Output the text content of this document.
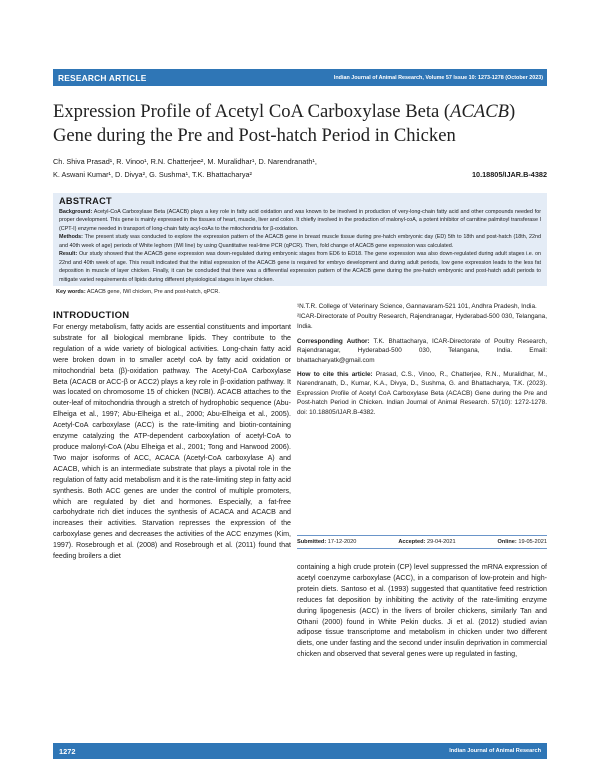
RESEARCH ARTICLE	Indian Journal of Animal Research, Volume 57 Issue 10: 1273-1278 (October 2023)
Expression Profile of Acetyl CoA Carboxylase Beta (ACACB) Gene during the Pre and Post-hatch Period in Chicken
Ch. Shiva Prasad¹, R. Vinoo¹, R.N. Chatterjee², M. Muralidhar¹, D. Narendranath¹,
K. Aswani Kumar¹, D. Divya², G. Sushma¹, T.K. Bhattacharya²	10.18805/IJAR.B-4382
ABSTRACT

Background: Acetyl-CoA Carboxylase Beta (ACACB) plays a key role in fatty acid oxidation and was known to be involved in production of very-long-chain fatty acid and other compounds needed for proper development. This gene is mainly expressed in the tissues of heart, muscle, liver and colon. It chiefly involved in the production of malonyl-coA, a potent inhibitor of carnitine palmitoyl transferase I (CPT-I) enzyme needed in transport of long-chain fatty acyl-coAs to the mitochondria for β-oxidation.

Methods: The present study was conducted to explore the expression pattern of the ACACB gene in breast muscle tissue during pre-hatch embryonic day (ED) 5th to 18th and post-hatch (18th, 22nd and 40th week of age) periods of White leghorn (IWI line) by using Quantitative real-time PCR (qPCR). Then, fold change of ACACB gene expression was calculated.

Result: Our study showed that the ACACB gene expression was down-regulated during embryonic stages from ED6 to ED18. The gene expression was also down-regulated during adult stages i.e. on 22nd and 40th week of age. This result indicated that the initial expression of the ACACB gene is required for embryo development and during adult periods, low gene expression leads to the less fat deposition in muscle of layer chicken. Finally, it can be concluded that there was a differential expression pattern of the ACACB gene during the pre-hatch embryonic and post-hatch adult periods to mitigate varied requirements of lipids during different physiological stages in layer chicken.

Key words: ACACB gene, IWI chicken, Pre and post-hatch, qPCR.
INTRODUCTION
For energy metabolism, fatty acids are essential constituents and important substrate for all biological membrane lipids. They contribute to the regulation of a wide variety of biological activities. Long-chain fatty acid were broken down in to smaller acetyl coA by fatty acid oxidation or mitochondrial beta (β)-oxidation pathway. The Acetyl-CoA Carboxylase Beta (ACACB or ACC-β or ACC2) plays a key role in β-oxidation pathway. It was located on chromosome 15 of chicken (NCBI). ACACB attaches to the outer-leaf of mitochondria through a stretch of hydrophobic sequence (Abu-Elheiga et al., 1997; Abu-Elheiga et al., 2000; Abu-Elheiga et al., 2005). Acetyl-CoA carboxylase (ACC) is the rate-limiting and biotin-containing enzyme catalyzing the ATP-dependent carboxylation of acetyl-CoA to produce malonyl-CoA (Abu Elheiga et al., 2001; Tong and Harwood 2006). Two major isoforms of ACC, ACACA (Acetyl-CoA carboxylase A) and ACACB, which is an intermediate substrate that plays a pivotal role in the regulation of fatty acid metabolism and it is the rate-limiting step in fatty acid synthesis. Both ACC genes are under the control of multiple promoters, which are regulated by diet and hormones. Especially, a fat-free carbohydrate rich diet induces the synthesis of ACACA and ACACB and increases their activities. Starvation represses the expression of the carboxylase genes and decreases the activities of the ACC enzymes (Kim, 1997). Rosebrough et al. (2008) and Rosebrough et al. (2011) found that feeding broilers a diet
¹N.T.R. College of Veterinary Science, Gannavaram-521 101, Andhra Pradesh, India.
²ICAR-Directorate of Poultry Research, Rajendranagar, Hyderabad-500 030, Telangana, India.
Corresponding Author: T.K. Bhattacharya, ICAR-Directorate of Poultry Research, Rajendranagar, Hyderabad-500 030, Telangana, India. Email: bhattacharyatk@gmail.com
How to cite this article: Prasad, C.S., Vinoo, R., Chatterjee, R.N., Muralidhar, M., Narendranath, D., Kumar, K.A., Divya, D., Sushma, G. and Bhattacharya, T.K. (2023). Expression Profile of Acetyl CoA Carboxylase Beta (ACACB) Gene during the Pre and Post-hatch Period in Chicken. Indian Journal of Animal Research. 57(10): 1272-1278. doi: 10.18805/IJAR.B-4382.
Submitted: 17-12-2020	Accepted: 29-04-2021	Online: 19-05-2021
containing a high crude protein (CP) level suppressed the mRNA expression of acetyl coenzyme carboxylase (ACC), in a comparison of low-protein and high-protein diets. Santoso et al. (1993) suggested that quantitative feed restriction reduces fat deposition by inhibiting the activity of the rate-limiting enzyme during lipogenesis (ACC) in the livers of broiler chickens, similarly Tan and Othani (2000) found in White Pekin ducks. Ji et al. (2012) studied avian adipose tissue transcriptome and metabolism in chicken under two different diets, one under fasting and the second under insulin deprivation in commercial chicken and observed that several genes were up regulated in fasting,
1272	Indian Journal of Animal Research
